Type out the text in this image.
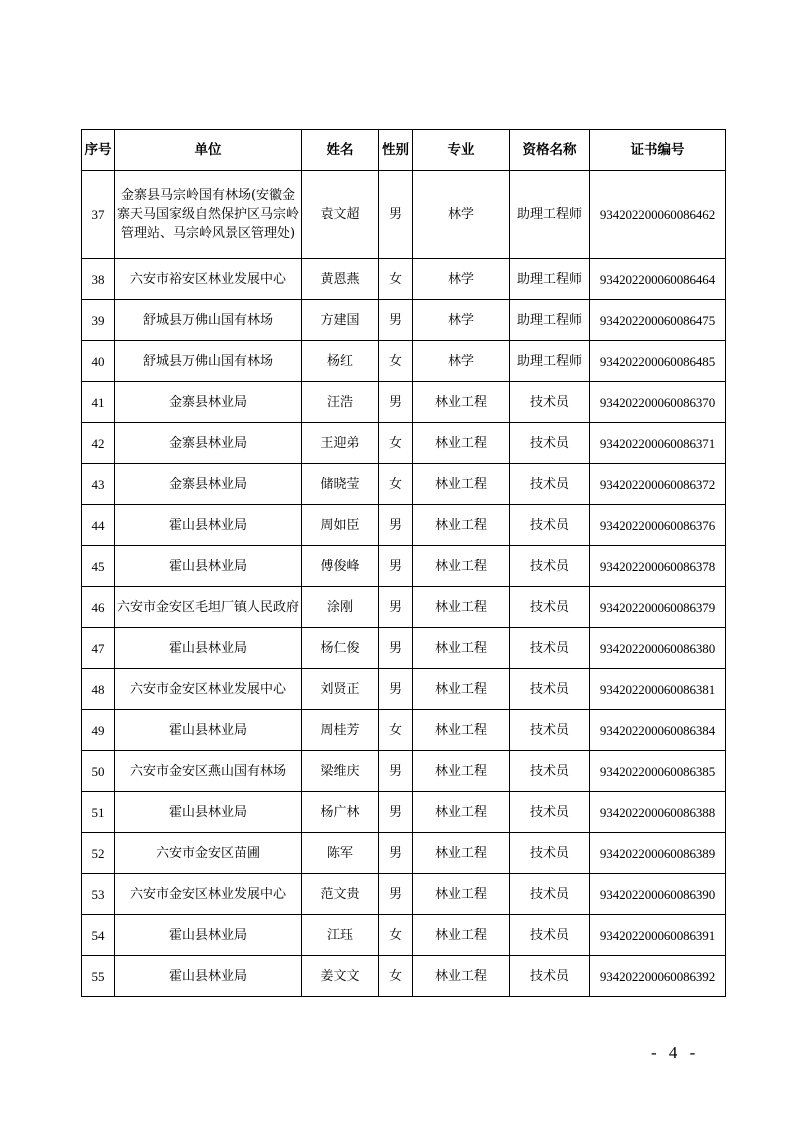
序号	单位	姓名	性别	专业	资格名称	证书编号
37	金寨县马宗岭国有林场(安徽金寨天马国家级自然保护区马宗岭管理站、马宗岭风景区管理处)	袁文超	男	林学	助理工程师	934202200060086462
38	六安市裕安区林业发展中心	黄恩燕	女	林学	助理工程师	934202200060086464
39	舒城县万佛山国有林场	方建国	男	林学	助理工程师	934202200060086475
40	舒城县万佛山国有林场	杨红	女	林学	助理工程师	934202200060086485
41	金寨县林业局	汪浩	男	林业工程	技术员	934202200060086370
42	金寨县林业局	王迎弟	女	林业工程	技术员	934202200060086371
43	金寨县林业局	储晓莹	女	林业工程	技术员	934202200060086372
44	霍山县林业局	周如臣	男	林业工程	技术员	934202200060086376
45	霍山县林业局	傅俊峰	男	林业工程	技术员	934202200060086378
46	六安市金安区毛坦厂镇人民政府	涂刚	男	林业工程	技术员	934202200060086379
47	霍山县林业局	杨仁俊	男	林业工程	技术员	934202200060086380
48	六安市金安区林业发展中心	刘贤正	男	林业工程	技术员	934202200060086381
49	霍山县林业局	周桂芳	女	林业工程	技术员	934202200060086384
50	六安市金安区燕山国有林场	梁维庆	男	林业工程	技术员	934202200060086385
51	霍山县林业局	杨广林	男	林业工程	技术员	934202200060086388
52	六安市金安区苗圃	陈军	男	林业工程	技术员	934202200060086389
53	六安市金安区林业发展中心	范文贵	男	林业工程	技术员	934202200060086390
54	霍山县林业局	江珏	女	林业工程	技术员	934202200060086391
55	霍山县林业局	姜文文	女	林业工程	技术员	934202200060086392
- 4 -
